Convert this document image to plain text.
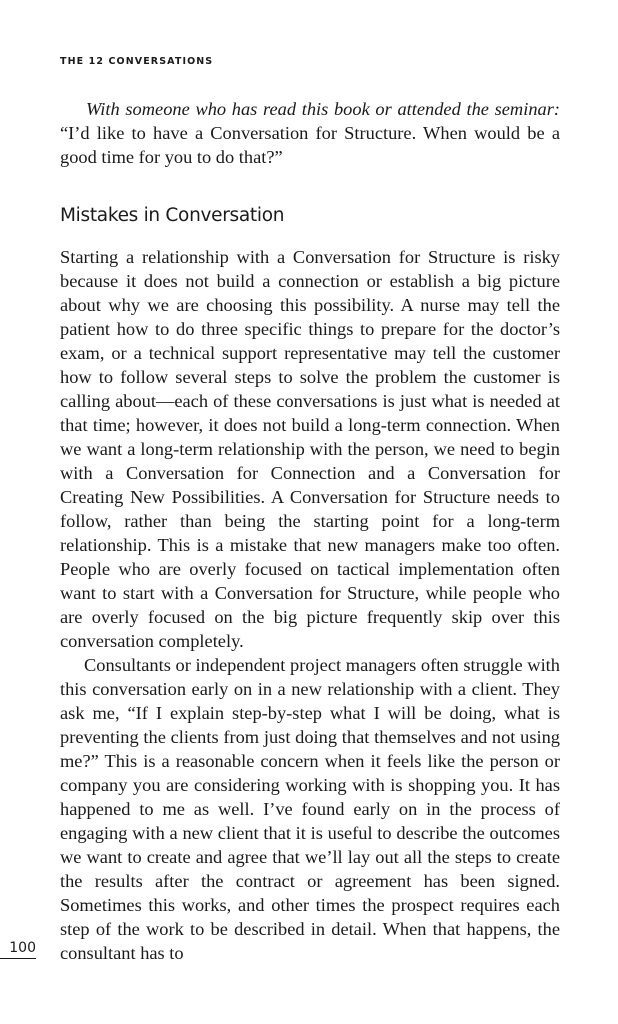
THE 12 CONVERSATIONS
With someone who has read this book or attended the seminar: “I’d like to have a Conversation for Structure. When would be a good time for you to do that?”
Mistakes in Conversation

Starting a relationship with a Conversation for Structure is risky because it does not build a connection or establish a big picture about why we are choosing this possibility. A nurse may tell the patient how to do three specific things to prepare for the doctor’s exam, or a technical support representative may tell the customer how to follow several steps to solve the problem the customer is calling about—each of these conversations is just what is needed at that time; however, it does not build a long-term connection. When we want a long-term relationship with the person, we need to begin with a Conversation for Connection and a Conversation for Creating New Possibilities. A Conversation for Structure needs to follow, rather than being the starting point for a long-term relationship. This is a mistake that new managers make too often. People who are overly focused on tactical implementation often want to start with a Conversation for Structure, while people who are overly focused on the big picture frequently skip over this conversation completely.

Consultants or independent project managers often struggle with this conversation early on in a new relationship with a client. They ask me, “If I explain step-by-step what I will be doing, what is preventing the clients from just doing that themselves and not using me?” This is a reasonable concern when it feels like the person or company you are considering working with is shopping you. It has happened to me as well. I’ve found early on in the process of engaging with a new client that it is useful to describe the outcomes we want to create and agree that we’ll lay out all the steps to create the results after the contract or agreement has been signed. Sometimes this works, and other times the prospect requires each step of the work to be described in detail. When that happens, the consultant has to

100
